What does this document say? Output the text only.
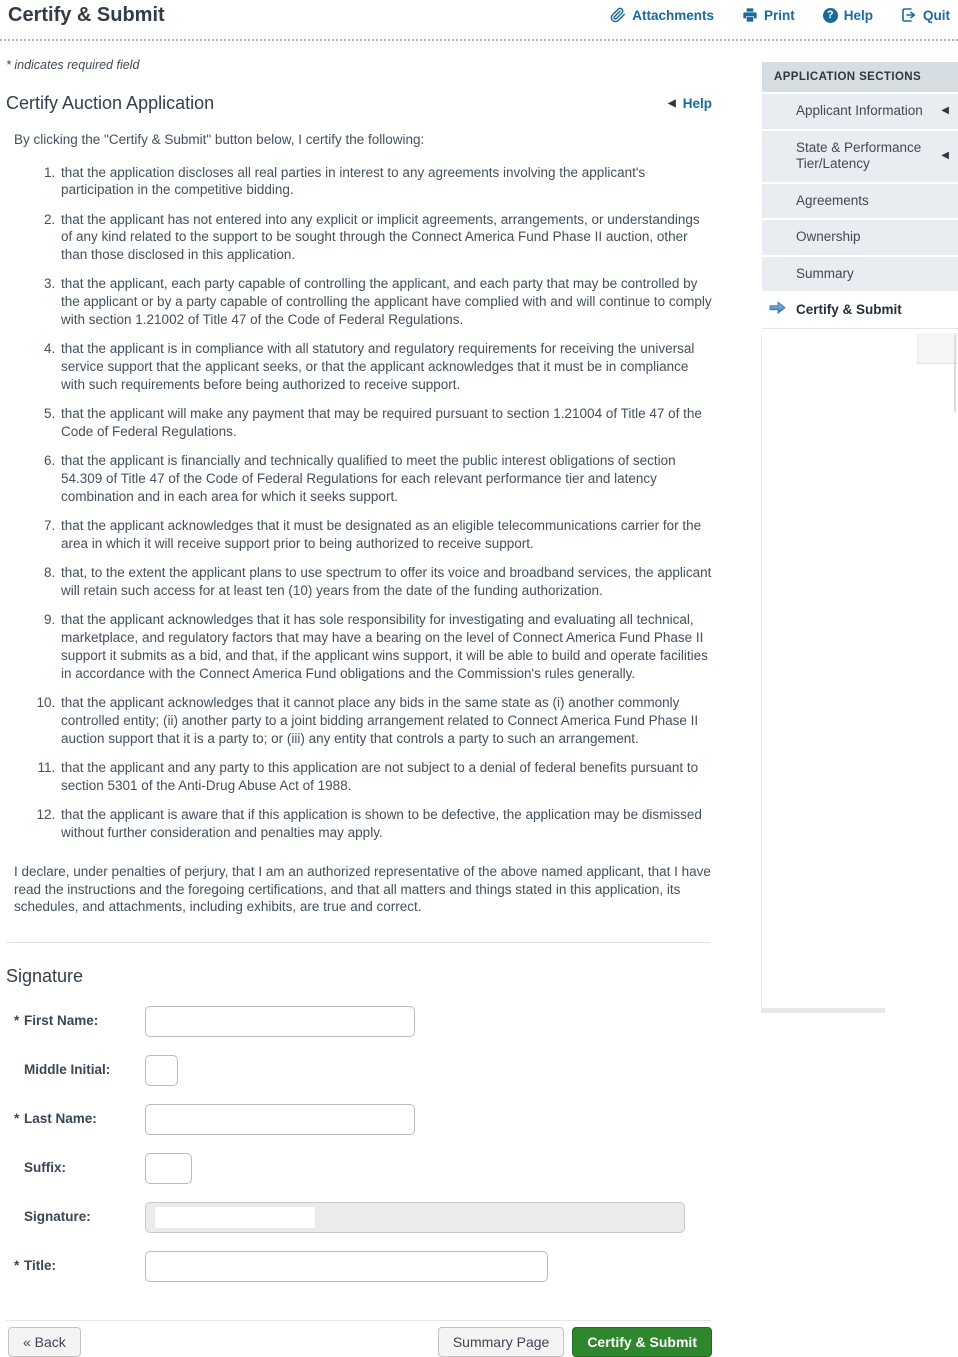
Certify & Submit	Attachments	Print	? Help	Quit

* indicates required field

Certify Auction Application	◀ Help

By clicking the "Certify & Submit" button below, I certify the following:

1. that the application discloses all real parties in interest to any agreements involving the applicant's participation in the competitive bidding.
2. that the applicant has not entered into any explicit or implicit agreements, arrangements, or understandings of any kind related to the support to be sought through the Connect America Fund Phase II auction, other than those disclosed in this application.
3. that the applicant, each party capable of controlling the applicant, and each party that may be controlled by the applicant or by a party capable of controlling the applicant have complied with and will continue to comply with section 1.21002 of Title 47 of the Code of Federal Regulations.
4. that the applicant is in compliance with all statutory and regulatory requirements for receiving the universal service support that the applicant seeks, or that the applicant acknowledges that it must be in compliance with such requirements before being authorized to receive support.
5. that the applicant will make any payment that may be required pursuant to section 1.21004 of Title 47 of the Code of Federal Regulations.
6. that the applicant is financially and technically qualified to meet the public interest obligations of section 54.309 of Title 47 of the Code of Federal Regulations for each relevant performance tier and latency combination and in each area for which it seeks support.
7. that the applicant acknowledges that it must be designated as an eligible telecommunications carrier for the area in which it will receive support prior to being authorized to receive support.
8. that, to the extent the applicant plans to use spectrum to offer its voice and broadband services, the applicant will retain such access for at least ten (10) years from the date of the funding authorization.
9. that the applicant acknowledges that it has sole responsibility for investigating and evaluating all technical, marketplace, and regulatory factors that may have a bearing on the level of Connect America Fund Phase II support it submits as a bid, and that, if the applicant wins support, it will be able to build and operate facilities in accordance with the Connect America Fund obligations and the Commission's rules generally.
10. that the applicant acknowledges that it cannot place any bids in the same state as (i) another commonly controlled entity; (ii) another party to a joint bidding arrangement related to Connect America Fund Phase II auction support that it is a party to; or (iii) any entity that controls a party to such an arrangement.
11. that the applicant and any party to this application are not subject to a denial of federal benefits pursuant to section 5301 of the Anti-Drug Abuse Act of 1988.
12. that the applicant is aware that if this application is shown to be defective, the application may be dismissed without further consideration and penalties may apply.

I declare, under penalties of perjury, that I am an authorized representative of the above named applicant, that I have read the instructions and the foregoing certifications, and that all matters and things stated in this application, its schedules, and attachments, including exhibits, are true and correct.

Signature
* First Name:
Middle Initial:
* Last Name:
Suffix:
Signature:
* Title:
« Back	Summary Page	Certify & Submit
APPLICATION SECTIONS
Applicant Information ◀
State & Performance Tier/Latency
◀
Agreements
Ownership
Summary
Certify & Submit
